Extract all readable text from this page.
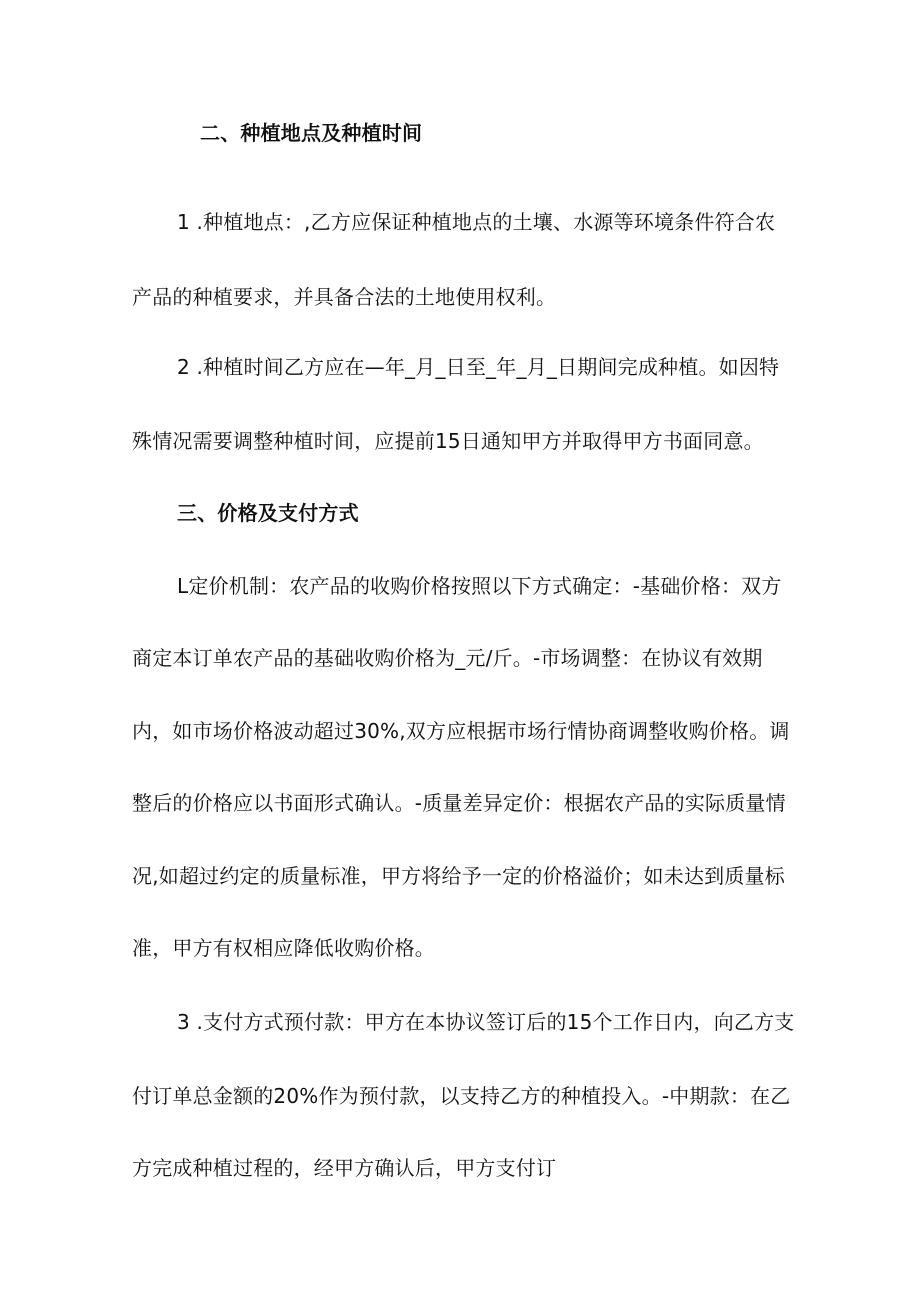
二、种植地点及种植时间
1 .种植地点：,乙方应保证种植地点的土壤、水源等环境条件符合农
产品的种植要求，并具备合法的土地使用权利。
2 .种植时间乙方应在—年_月_日至_年_月_日期间完成种植。如因特
殊情况需要调整种植时间，应提前15日通知甲方并取得甲方书面同意。
三、价格及支付方式
L定价机制：农产品的收购价格按照以下方式确定：-基础价格：双方
商定本订单农产品的基础收购价格为_元/斤。-市场调整：在协议有效期
内，如市场价格波动超过30%,双方应根据市场行情协商调整收购价格。调
整后的价格应以书面形式确认。-质量差异定价：根据农产品的实际质量情
况,如超过约定的质量标准，甲方将给予一定的价格溢价；如未达到质量标
准，甲方有权相应降低收购价格。
3 .支付方式预付款：甲方在本协议签订后的15个工作日内，向乙方支
付订单总金额的20%作为预付款，以支持乙方的种植投入。-中期款：在乙
方完成种植过程的，经甲方确认后，甲方支付订
